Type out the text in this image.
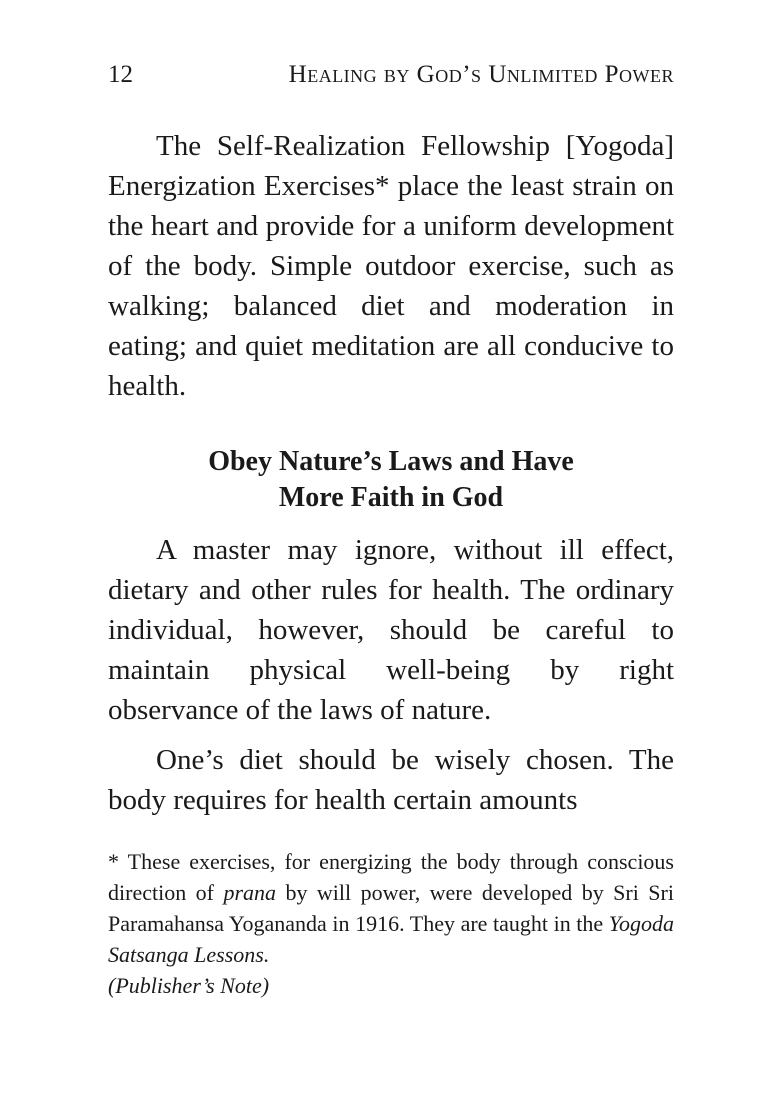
12	Healing by God’s Unlimited Power

The Self-Realization Fellowship [Yogoda] Energization Exercises* place the least strain on the heart and provide for a uniform development of the body. Simple outdoor exercise, such as walking; balanced diet and moderation in eating; and quiet meditation are all conducive to health.

Obey Nature’s Laws and Have
More Faith in God

A master may ignore, without ill effect, dietary and other rules for health. The ordinary individual, however, should be careful to maintain physical well-being by right observance of the laws of nature.

One’s diet should be wisely chosen. The body requires for health certain amounts

* These exercises, for energizing the body through conscious direction of prana by will power, were developed by Sri Sri Paramahansa Yogananda in 1916. They are taught in the Yogoda Satsanga Lessons.
(Publisher’s Note)
